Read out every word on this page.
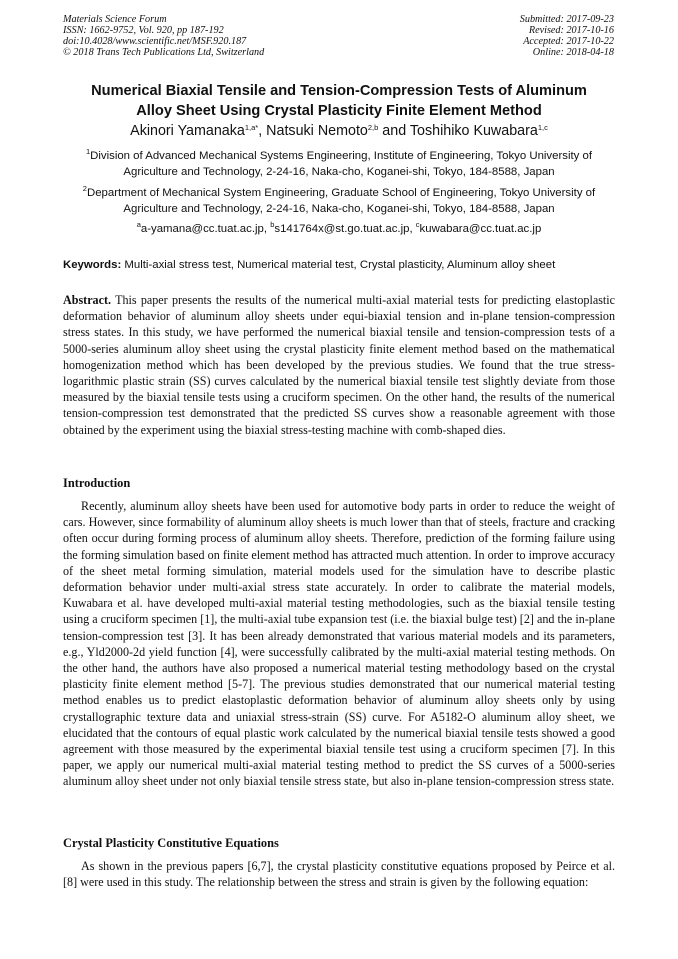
Materials Science Forum
ISSN: 1662-9752, Vol. 920, pp 187-192
doi:10.4028/www.scientific.net/MSF.920.187
© 2018 Trans Tech Publications Ltd, Switzerland
Submitted: 2017-09-23
Revised: 2017-10-16
Accepted: 2017-10-22
Online: 2018-04-18
Numerical Biaxial Tensile and Tension-Compression Tests of Aluminum
Alloy Sheet Using Crystal Plasticity Finite Element Method
Akinori Yamanaka$^{1,a*}$, Natsuki Nemoto$^{2,b}$ and Toshihiko Kuwabara$^{1,c}$
$^1$Division of Advanced Mechanical Systems Engineering, Institute of Engineering, Tokyo University of Agriculture and Technology, 2-24-16, Naka-cho, Koganei-shi, Tokyo, 184-8588, Japan
$^2$Department of Mechanical System Engineering, Graduate School of Engineering, Tokyo University of Agriculture and Technology, 2-24-16, Naka-cho, Koganei-shi, Tokyo, 184-8588, Japan
$^a$a-yamana@cc.tuat.ac.jp, $^b$s141764x@st.go.tuat.ac.jp, $^c$kuwabara@cc.tuat.ac.jp
Keywords: Multi-axial stress test, Numerical material test, Crystal plasticity, Aluminum alloy sheet

Abstract. This paper presents the results of the numerical multi-axial material tests for predicting elastoplastic deformation behavior of aluminum alloy sheets under equi-biaxial tension and in-plane tension-compression stress states. In this study, we have performed the numerical biaxial tensile and tension-compression tests of a 5000-series aluminum alloy sheet using the crystal plasticity finite element method based on the mathematical homogenization method which has been developed by the previous studies. We found that the true stress-logarithmic plastic strain (SS) curves calculated by the numerical biaxial tensile test slightly deviate from those measured by the biaxial tensile tests using a cruciform specimen. On the other hand, the results of the numerical tension-compression test demonstrated that the predicted SS curves show a reasonable agreement with those obtained by the experiment using the biaxial stress-testing machine with comb-shaped dies.

Introduction

Recently, aluminum alloy sheets have been used for automotive body parts in order to reduce the weight of cars. However, since formability of aluminum alloy sheets is much lower than that of steels, fracture and cracking often occur during forming process of aluminum alloy sheets. Therefore, prediction of the forming failure using the forming simulation based on finite element method has attracted much attention. In order to improve accuracy of the sheet metal forming simulation, material models used for the simulation have to describe plastic deformation behavior under multi-axial stress state accurately. In order to calibrate the material models, Kuwabara et al. have developed multi-axial material testing methodologies, such as the biaxial tensile testing using a cruciform specimen [1], the multi-axial tube expansion test (i.e. the biaxial bulge test) [2] and the in-plane tension-compression test [3]. It has been already demonstrated that various material models and its parameters, e.g., Yld2000-2d yield function [4], were successfully calibrated by the multi-axial material testing methods. On the other hand, the authors have also proposed a numerical material testing methodology based on the crystal plasticity finite element method [5-7]. The previous studies demonstrated that our numerical material testing method enables us to predict elastoplastic deformation behavior of aluminum alloy sheets only by using crystallographic texture data and uniaxial stress-strain (SS) curve. For A5182-O aluminum alloy sheet, we elucidated that the contours of equal plastic work calculated by the numerical biaxial tensile tests showed a good agreement with those measured by the experimental biaxial tensile test using a cruciform specimen [7]. In this paper, we apply our numerical multi-axial material testing method to predict the SS curves of a 5000-series aluminum alloy sheet under not only biaxial tensile stress state, but also in-plane tension-compression stress state.

Crystal Plasticity Constitutive Equations

As shown in the previous papers [6,7], the crystal plasticity constitutive equations proposed by Peirce et al. [8] were used in this study. The relationship between the stress and strain is given by the following equation:
